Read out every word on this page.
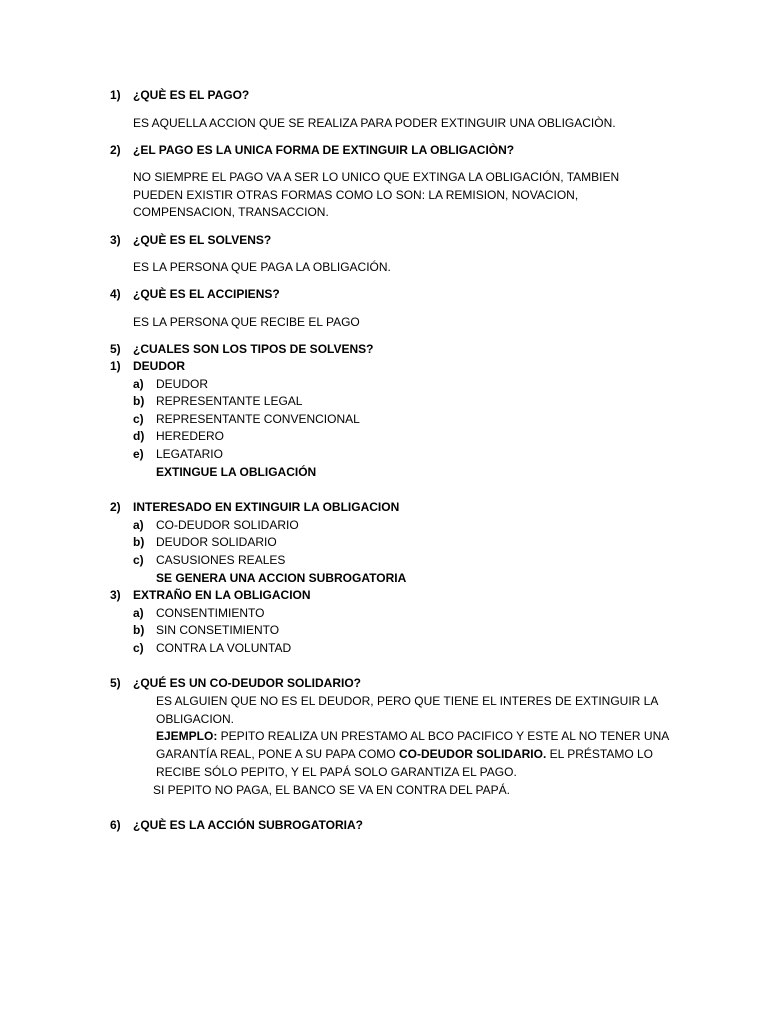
1) ¿QUÈ ES EL PAGO?
ES AQUELLA ACCION QUE SE REALIZA PARA PODER EXTINGUIR UNA OBLIGACIÒN.
2) ¿EL PAGO ES LA UNICA FORMA DE EXTINGUIR LA OBLIGACIÒN?
NO SIEMPRE EL PAGO VA A SER LO UNICO QUE EXTINGA LA OBLIGACIÓN, TAMBIEN
PUEDEN EXISTIR OTRAS FORMAS COMO LO SON: LA REMISION, NOVACION,
COMPENSACION, TRANSACCION.
3) ¿QUÈ ES EL SOLVENS?
ES LA PERSONA QUE PAGA LA OBLIGACIÓN.
4) ¿QUÈ ES EL ACCIPIENS?
ES LA PERSONA QUE RECIBE EL PAGO
5) ¿CUALES SON LOS TIPOS DE SOLVENS?
1) DEUDOR
a) DEUDOR
b) REPRESENTANTE LEGAL
c) REPRESENTANTE CONVENCIONAL
d) HEREDERO
e) LEGATARIO
EXTINGUE LA OBLIGACIÓN
2) INTERESADO EN EXTINGUIR LA OBLIGACION
a) CO-DEUDOR SOLIDARIO
b) DEUDOR SOLIDARIO
c) CASUSIONES REALES
SE GENERA UNA ACCION SUBROGATORIA
3) EXTRAÑO EN LA OBLIGACION
a) CONSENTIMIENTO
b) SIN CONSETIMIENTO
c) CONTRA LA VOLUNTAD
5) ¿QUÉ ES UN CO-DEUDOR SOLIDARIO?
ES ALGUIEN QUE NO ES EL DEUDOR, PERO QUE TIENE EL INTERES DE EXTINGUIR LA
OBLIGACION.
EJEMPLO: PEPITO REALIZA UN PRESTAMO AL BCO PACIFICO Y ESTE AL NO TENER UNA
GARANTÍA REAL, PONE A SU PAPA COMO CO-DEUDOR SOLIDARIO. EL PRÉSTAMO LO
RECIBE SÓLO PEPITO, Y EL PAPÁ SOLO GARANTIZA EL PAGO.
SI PEPITO NO PAGA, EL BANCO SE VA EN CONTRA DEL PAPÁ.
6) ¿QUÈ ES LA ACCIÓN SUBROGATORIA?
